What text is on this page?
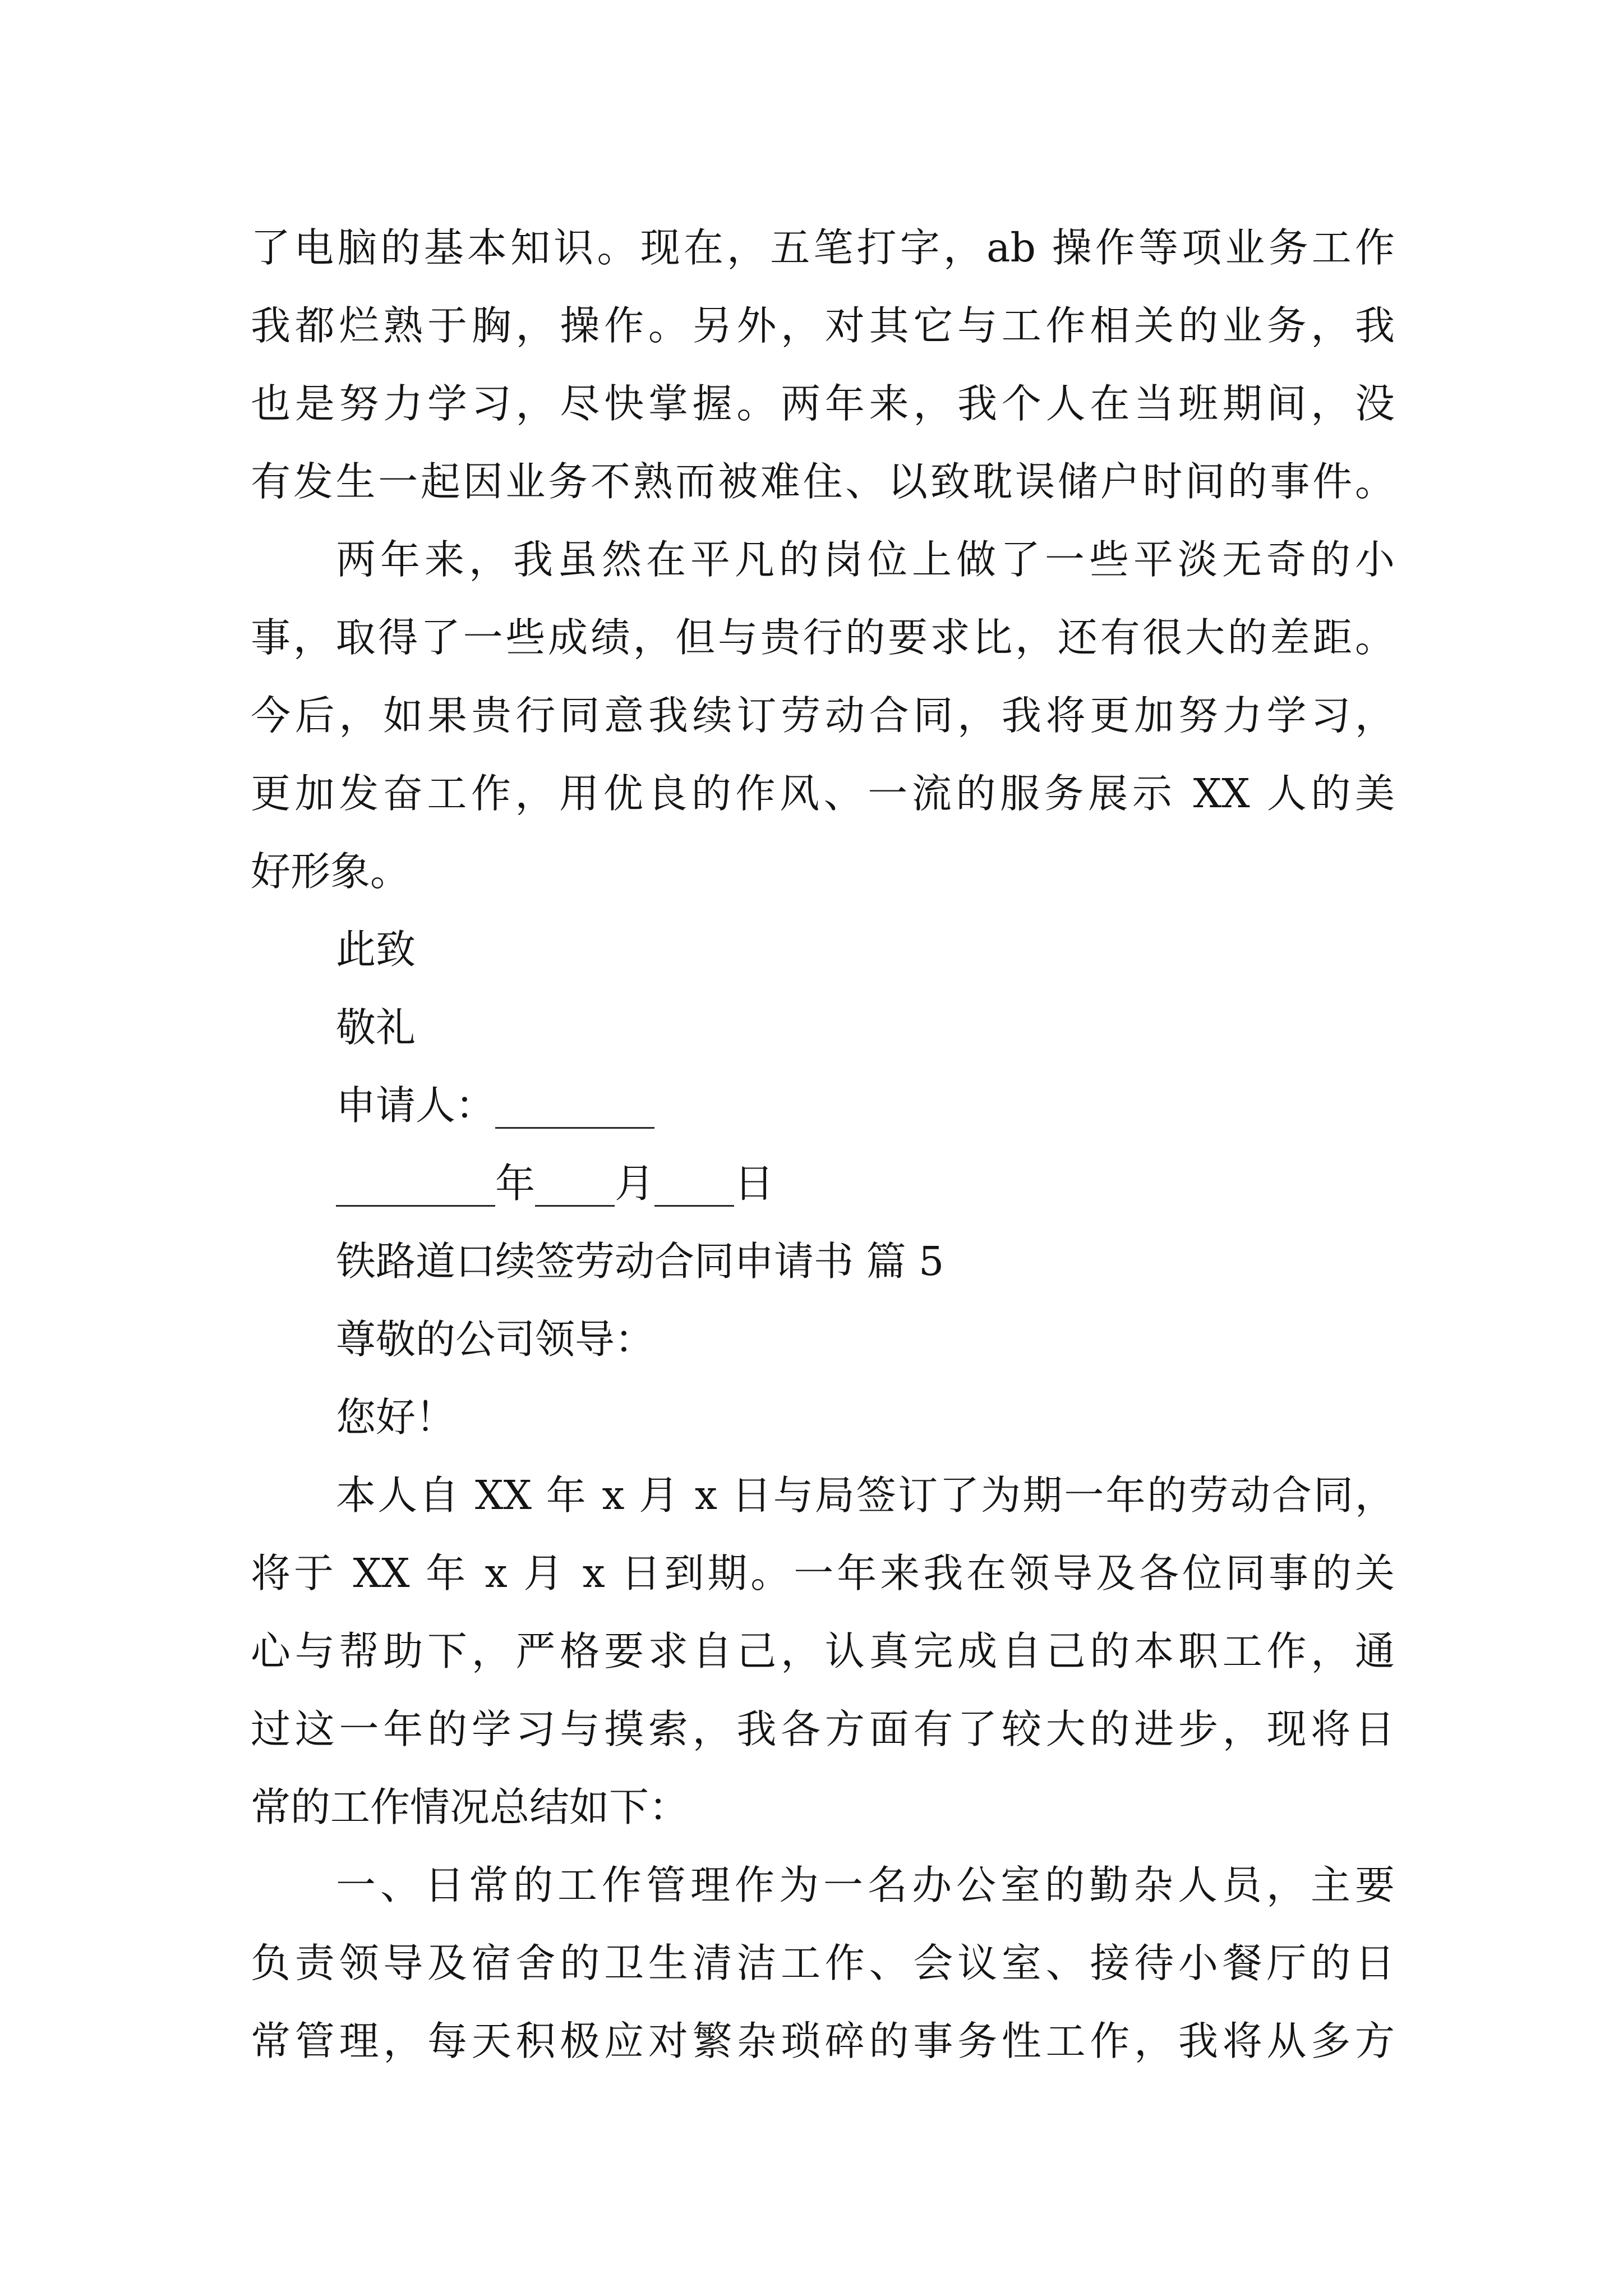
了电脑的基本知识。现在，五笔打字，ab 操作等项业务工作
我都烂熟于胸，操作。另外，对其它与工作相关的业务，我
也是努力学习，尽快掌握。两年来，我个人在当班期间，没
有发生一起因业务不熟而被难住、以致耽误储户时间的事件。
两年来，我虽然在平凡的岗位上做了一些平淡无奇的小
事，取得了一些成绩，但与贵行的要求比，还有很大的差距。
今后，如果贵行同意我续订劳动合同，我将更加努力学习，
更加发奋工作，用优良的作风、一流的服务展示 XX 人的美
好形象。
此致
敬礼
申请人：________
________年____月____日
铁路道口续签劳动合同申请书 篇 5
尊敬的公司领导：
您好！
本人自 XX 年 x 月 x 日与局签订了为期一年的劳动合同，
将于 XX 年 x 月 x 日到期。一年来我在领导及各位同事的关
心与帮助下，严格要求自己，认真完成自己的本职工作，通
过这一年的学习与摸索，我各方面有了较大的进步，现将日
常的工作情况总结如下：
一、日常的工作管理作为一名办公室的勤杂人员，主要
负责领导及宿舍的卫生清洁工作、会议室、接待小餐厅的日
常管理，每天积极应对繁杂琐碎的事务性工作，我将从多方
